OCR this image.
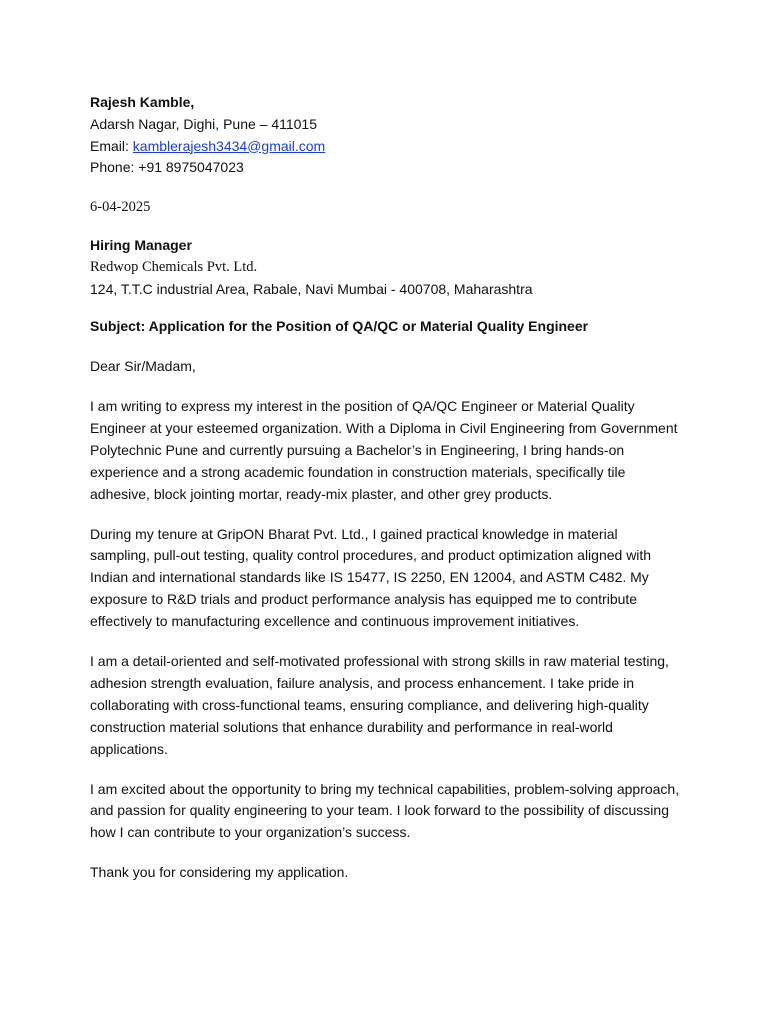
Rajesh Kamble,
Adarsh Nagar, Dighi, Pune – 411015
Email: kamblerajesh3434@gmail.com
Phone: +91 8975047023
6-04-2025
Hiring Manager
Redwop Chemicals Pvt. Ltd.
124, T.T.C industrial Area, Rabale, Navi Mumbai - 400708, Maharashtra
Subject: Application for the Position of QA/QC or Material Quality Engineer
Dear Sir/Madam,

I am writing to express my interest in the position of QA/QC Engineer or Material Quality Engineer at your esteemed organization. With a Diploma in Civil Engineering from Government Polytechnic Pune and currently pursuing a Bachelor’s in Engineering, I bring hands-on experience and a strong academic foundation in construction materials, specifically tile adhesive, block jointing mortar, ready-mix plaster, and other grey products.

During my tenure at GripON Bharat Pvt. Ltd., I gained practical knowledge in material sampling, pull-out testing, quality control procedures, and product optimization aligned with Indian and international standards like IS 15477, IS 2250, EN 12004, and ASTM C482. My exposure to R&D trials and product performance analysis has equipped me to contribute effectively to manufacturing excellence and continuous improvement initiatives.

I am a detail-oriented and self-motivated professional with strong skills in raw material testing, adhesion strength evaluation, failure analysis, and process enhancement. I take pride in collaborating with cross-functional teams, ensuring compliance, and delivering high-quality construction material solutions that enhance durability and performance in real-world applications.

I am excited about the opportunity to bring my technical capabilities, problem-solving approach, and passion for quality engineering to your team. I look forward to the possibility of discussing how I can contribute to your organization’s success.

Thank you for considering my application.
